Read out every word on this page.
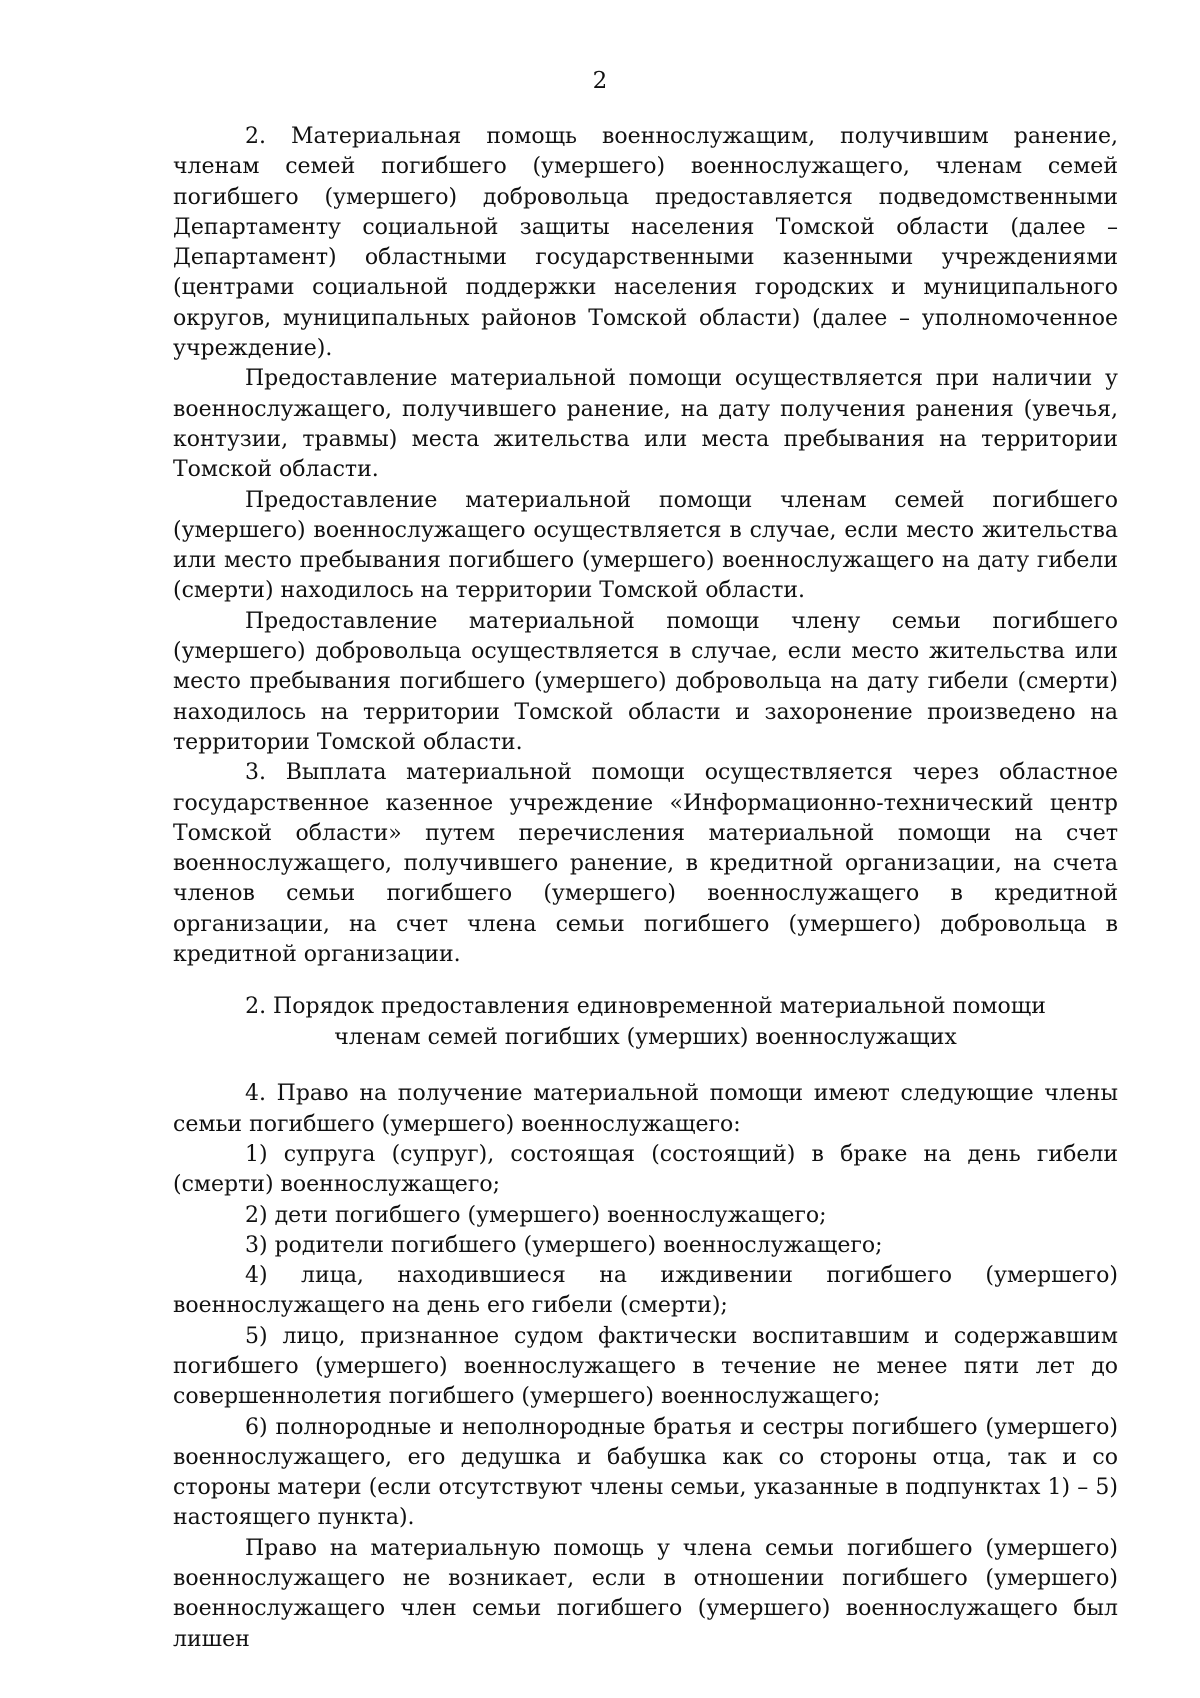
2

2. Материальная помощь военнослужащим, получившим ранение, членам семей погибшего (умершего) военнослужащего, членам семей погибшего (умершего) добровольца предоставляется подведомственными Департаменту социальной защиты населения Томской области (далее – Департамент) областными государственными казенными учреждениями (центрами социальной поддержки населения городских и муниципального округов, муниципальных районов Томской области) (далее – уполномоченное учреждение).

Предоставление материальной помощи осуществляется при наличии у военнослужащего, получившего ранение, на дату получения ранения (увечья, контузии, травмы) места жительства или места пребывания на территории Томской области.

Предоставление материальной помощи членам семей погибшего (умершего) военнослужащего осуществляется в случае, если место жительства или место пребывания погибшего (умершего) военнослужащего на дату гибели (смерти) находилось на территории Томской области.

Предоставление материальной помощи члену семьи погибшего (умершего) добровольца осуществляется в случае, если место жительства или место пребывания погибшего (умершего) добровольца на дату гибели (смерти) находилось на территории Томской области и захоронение произведено на территории Томской области.

3. Выплата материальной помощи осуществляется через областное государственное казенное учреждение «Информационно-технический центр Томской области» путем перечисления материальной помощи на счет военнослужащего, получившего ранение, в кредитной организации, на счета членов семьи погибшего (умершего) военнослужащего в кредитной организации, на счет члена семьи погибшего (умершего) добровольца в кредитной организации.

2. Порядок предоставления единовременной материальной помощи
членам семей погибших (умерших) военнослужащих

4. Право на получение материальной помощи имеют следующие члены семьи погибшего (умершего) военнослужащего:

1) супруга (супруг), состоящая (состоящий) в браке на день гибели (смерти) военнослужащего;

2) дети погибшего (умершего) военнослужащего;

3) родители погибшего (умершего) военнослужащего;

4) лица, находившиеся на иждивении погибшего (умершего) военнослужащего на день его гибели (смерти);

5) лицо, признанное судом фактически воспитавшим и содержавшим погибшего (умершего) военнослужащего в течение не менее пяти лет до совершеннолетия погибшего (умершего) военнослужащего;

6) полнородные и неполнородные братья и сестры погибшего (умершего) военнослужащего, его дедушка и бабушка как со стороны отца, так и со стороны матери (если отсутствуют члены семьи, указанные в подпунктах 1) – 5) настоящего пункта).

Право на материальную помощь у члена семьи погибшего (умершего) военнослужащего не возникает, если в отношении погибшего (умершего) военнослужащего член семьи погибшего (умершего) военнослужащего был лишен
